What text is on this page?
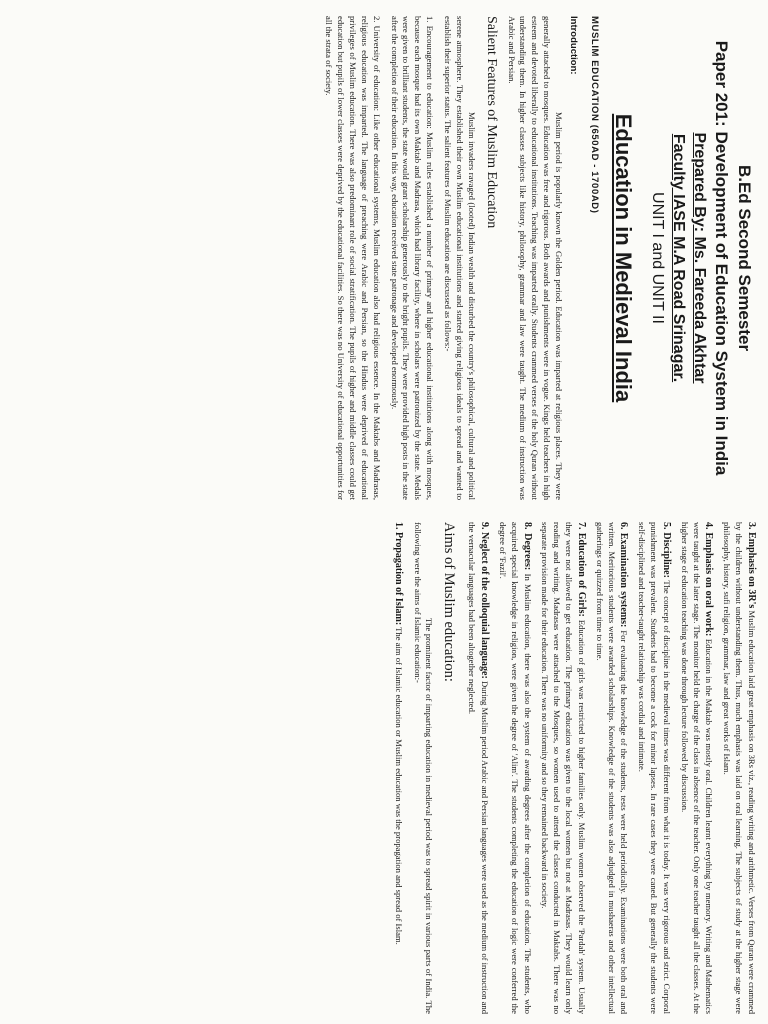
B.Ed Second Semester
Paper 201: Development of Education System in India
Prepared By: Ms. Fareeda Akhtar
Faculty IASE M.A Road Srinagar.
UNIT I and UNIT II
Education in Medieval India
MUSLIM EDUCATION (650AD - 1700AD)
Introduction:

Muslim period is popularly known the Golden period. Education was imparted at religious places. They were generally attached to mosques. Education was free and rigorous. Both awards and punishments were in vogue. Kings held teachers in high esteem and devoted liberally to educational institutions. Teaching was imparted orally. Students crammed verses of the holy Quran without understanding them. In higher classes subjects like history, philosophy, grammar and law were taught. The medium of instruction was Arabic and Persian.

Salient Features of Muslim Education

Muslim invaders ravaged (looted) Indian wealth and disturbed the country's philosophical, cultural and political serene atmosphere. They established their own Muslim educational institutions and started giving religious ideals to spread and wanted to establish their superior status. The salient features of Muslim education are discussed as follows:-

1. Encouragement to education: Muslim rules established a number of primary and higher educational institutions along with mosques, because each mosque had its own Maktab and Madrasa, which had library facility, where in scholars were patronized by the state. Medals were given to brilliant students, the state would grant scholarship generously to the bright pupils. They were provided high posts in the state after the completion of their education. In this way, education received state patronage and developed enormously.

2. University of education: Like other educational systems, Muslim education also had religious essence. In the Maktabs and Madrasas, religious education was imparted. The language of preaching were Arabic and Persian, so the Hindus were deprived of educational privileges of Muslim education. There was also predominant role of social stratification. The pupils of higher and middle classes could get education but pupils of lower classes were deprived by the educational facilities. So there was no University of educational opportunities for all the strata of society.

3. Emphasis on 3R's Muslim education laid great emphasis on 3Rs viz., reading writing and arithmetic. Verses from Quran were crammed by the children without understanding them. Thus, much emphasis was laid on oral learning. The subjects of study at the higher stage were philosophy, history, sufi religion, grammar, law and great works of Islam.

4. Emphasis on oral work: Education in the Maktab was mostly oral. Children learnt everything by memory. Writing and Mathematics were taught at the later stage. The monitor held the charge of the class in absence of the teacher. Only one teacher taught all the classes. At the higher stage of education teaching was done through lecture followed by discussion.

5. Discipline: The concept of discipline in the medieval times was different from what it is today. It was very rigorous and strict. Corporal punishment was prevalent. Students had to become a cock for minor lapses. In rare cases they were caned. But generally the students were self-disciplined and teacher-taught relationship was cordial and intimate.

6. Examination systems: For evaluating the knowledge of the students, tests were held periodically. Examinations were both oral and written. Meritorious students were awarded scholarships. Knowledge of the students was also adjudged in mushaeras and other intellectual gatherings or quizzed from time to time.

7. Education of Girls: Education of girls was restricted to higher families only. Muslim women observed the 'Pardah' system. Usually they were not allowed to get education. The primary education was given to the local women but not at Madrasas. They would learn only reading and writing. Madrasas were attached to the Mosques, so women used to attend the classes conducted in Maktabs. There was no separate provision made for their education. There was no uniformity and so they remained backward in society.

8. Degrees: In Muslim education, there was also the system of awarding degrees after the completion of education. The students, who acquired special knowledge in religion, were given the degree of 'Alim'. The students completing the education of logic were conferred the degree of 'Fazil'.

9. Neglect of the colloquial language: During Muslim period Arabic and Persian languages were used as the medium of instruction and the vernacular languages had been altogether neglected.

Aims of Muslim education:

The prominent factor of imparting education in medieval period was to spread spirit in various parts of India. The following were the aims of Islamic education:-

1. Propagation of Islam: The aim of Islamic education or Muslim education was the propagation and spread of Islam.
